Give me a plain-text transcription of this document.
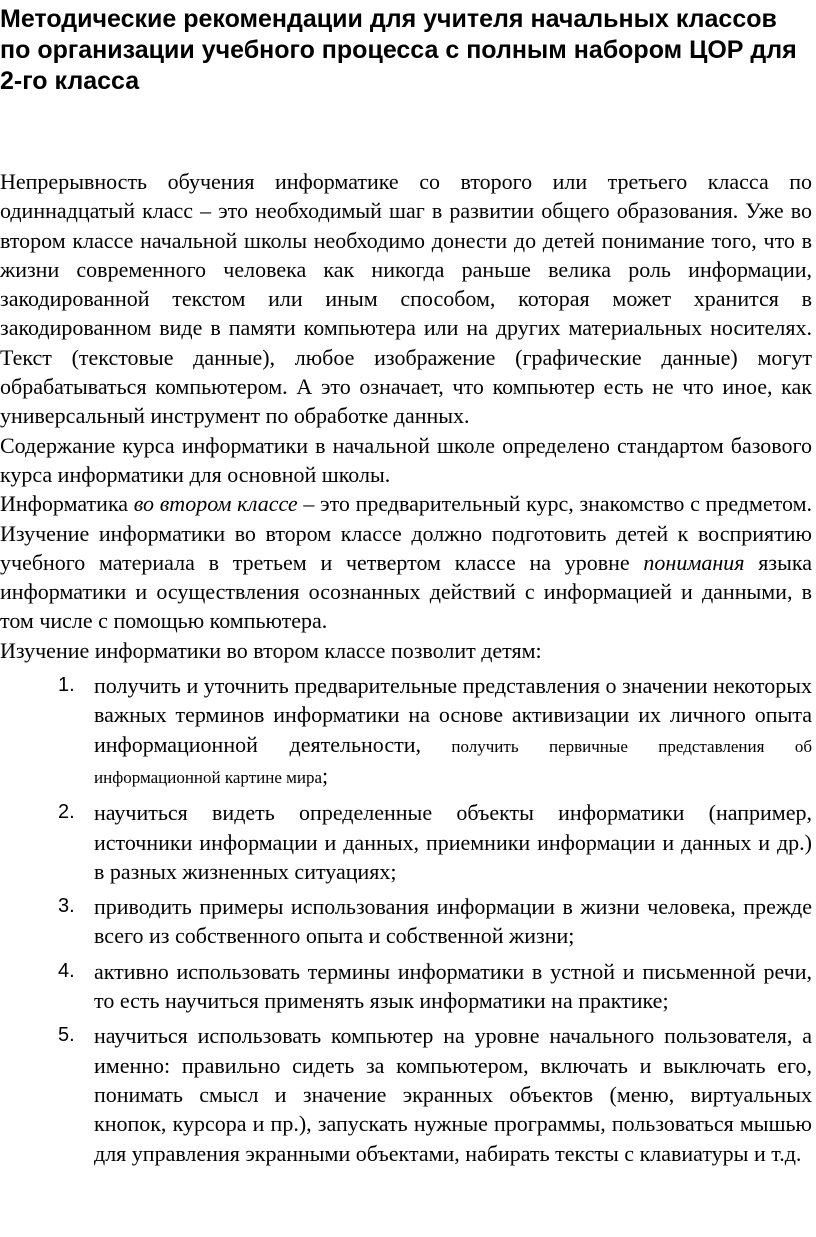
Методические рекомендации для учителя начальных классов по организации учебного процесса с полным набором ЦОР для 2-го класса

Непрерывность обучения информатике со второго или третьего класса по одиннадцатый класс – это необходимый шаг в развитии общего образования. Уже во втором классе начальной школы необходимо донести до детей понимание того, что в жизни современного человека как никогда раньше велика роль информации, закодированной текстом или иным способом, которая может хранится в закодированном виде в памяти компьютера или на других материальных носителях. Текст (текстовые данные), любое изображение (графические данные) могут обрабатываться компьютером. А это означает, что компьютер есть не что иное, как универсальный инструмент по обработке данных.

Содержание курса информатики в начальной школе определено стандартом базового курса информатики для основной школы.

Информатика во втором классе – это предварительный курс, знакомство с предметом. Изучение информатики во втором классе должно подготовить детей к восприятию учебного материала в третьем и четвертом классе на уровне понимания языка информатики и осуществления осознанных действий с информацией и данными, в том числе с помощью компьютера.

Изучение информатики во втором классе позволит детям:

1. получить и уточнить предварительные представления о значении некоторых важных терминов информатики на основе активизации их личного опыта информационной деятельности, получить первичные представления об информационной картине мира;
2. научиться видеть определенные объекты информатики (например, источники информации и данных, приемники информации и данных и др.) в разных жизненных ситуациях;
3. приводить примеры использования информации в жизни человека, прежде всего из собственного опыта и собственной жизни;
4. активно использовать термины информатики в устной и письменной речи, то есть научиться применять язык информатики на практике;
5. научиться использовать компьютер на уровне начального пользователя, а именно: правильно сидеть за компьютером, включать и выключать его, понимать смысл и значение экранных объектов (меню, виртуальных кнопок, курсора и пр.), запускать нужные программы, пользоваться мышью для управления экранными объектами, набирать тексты с клавиатуры и т.д.
